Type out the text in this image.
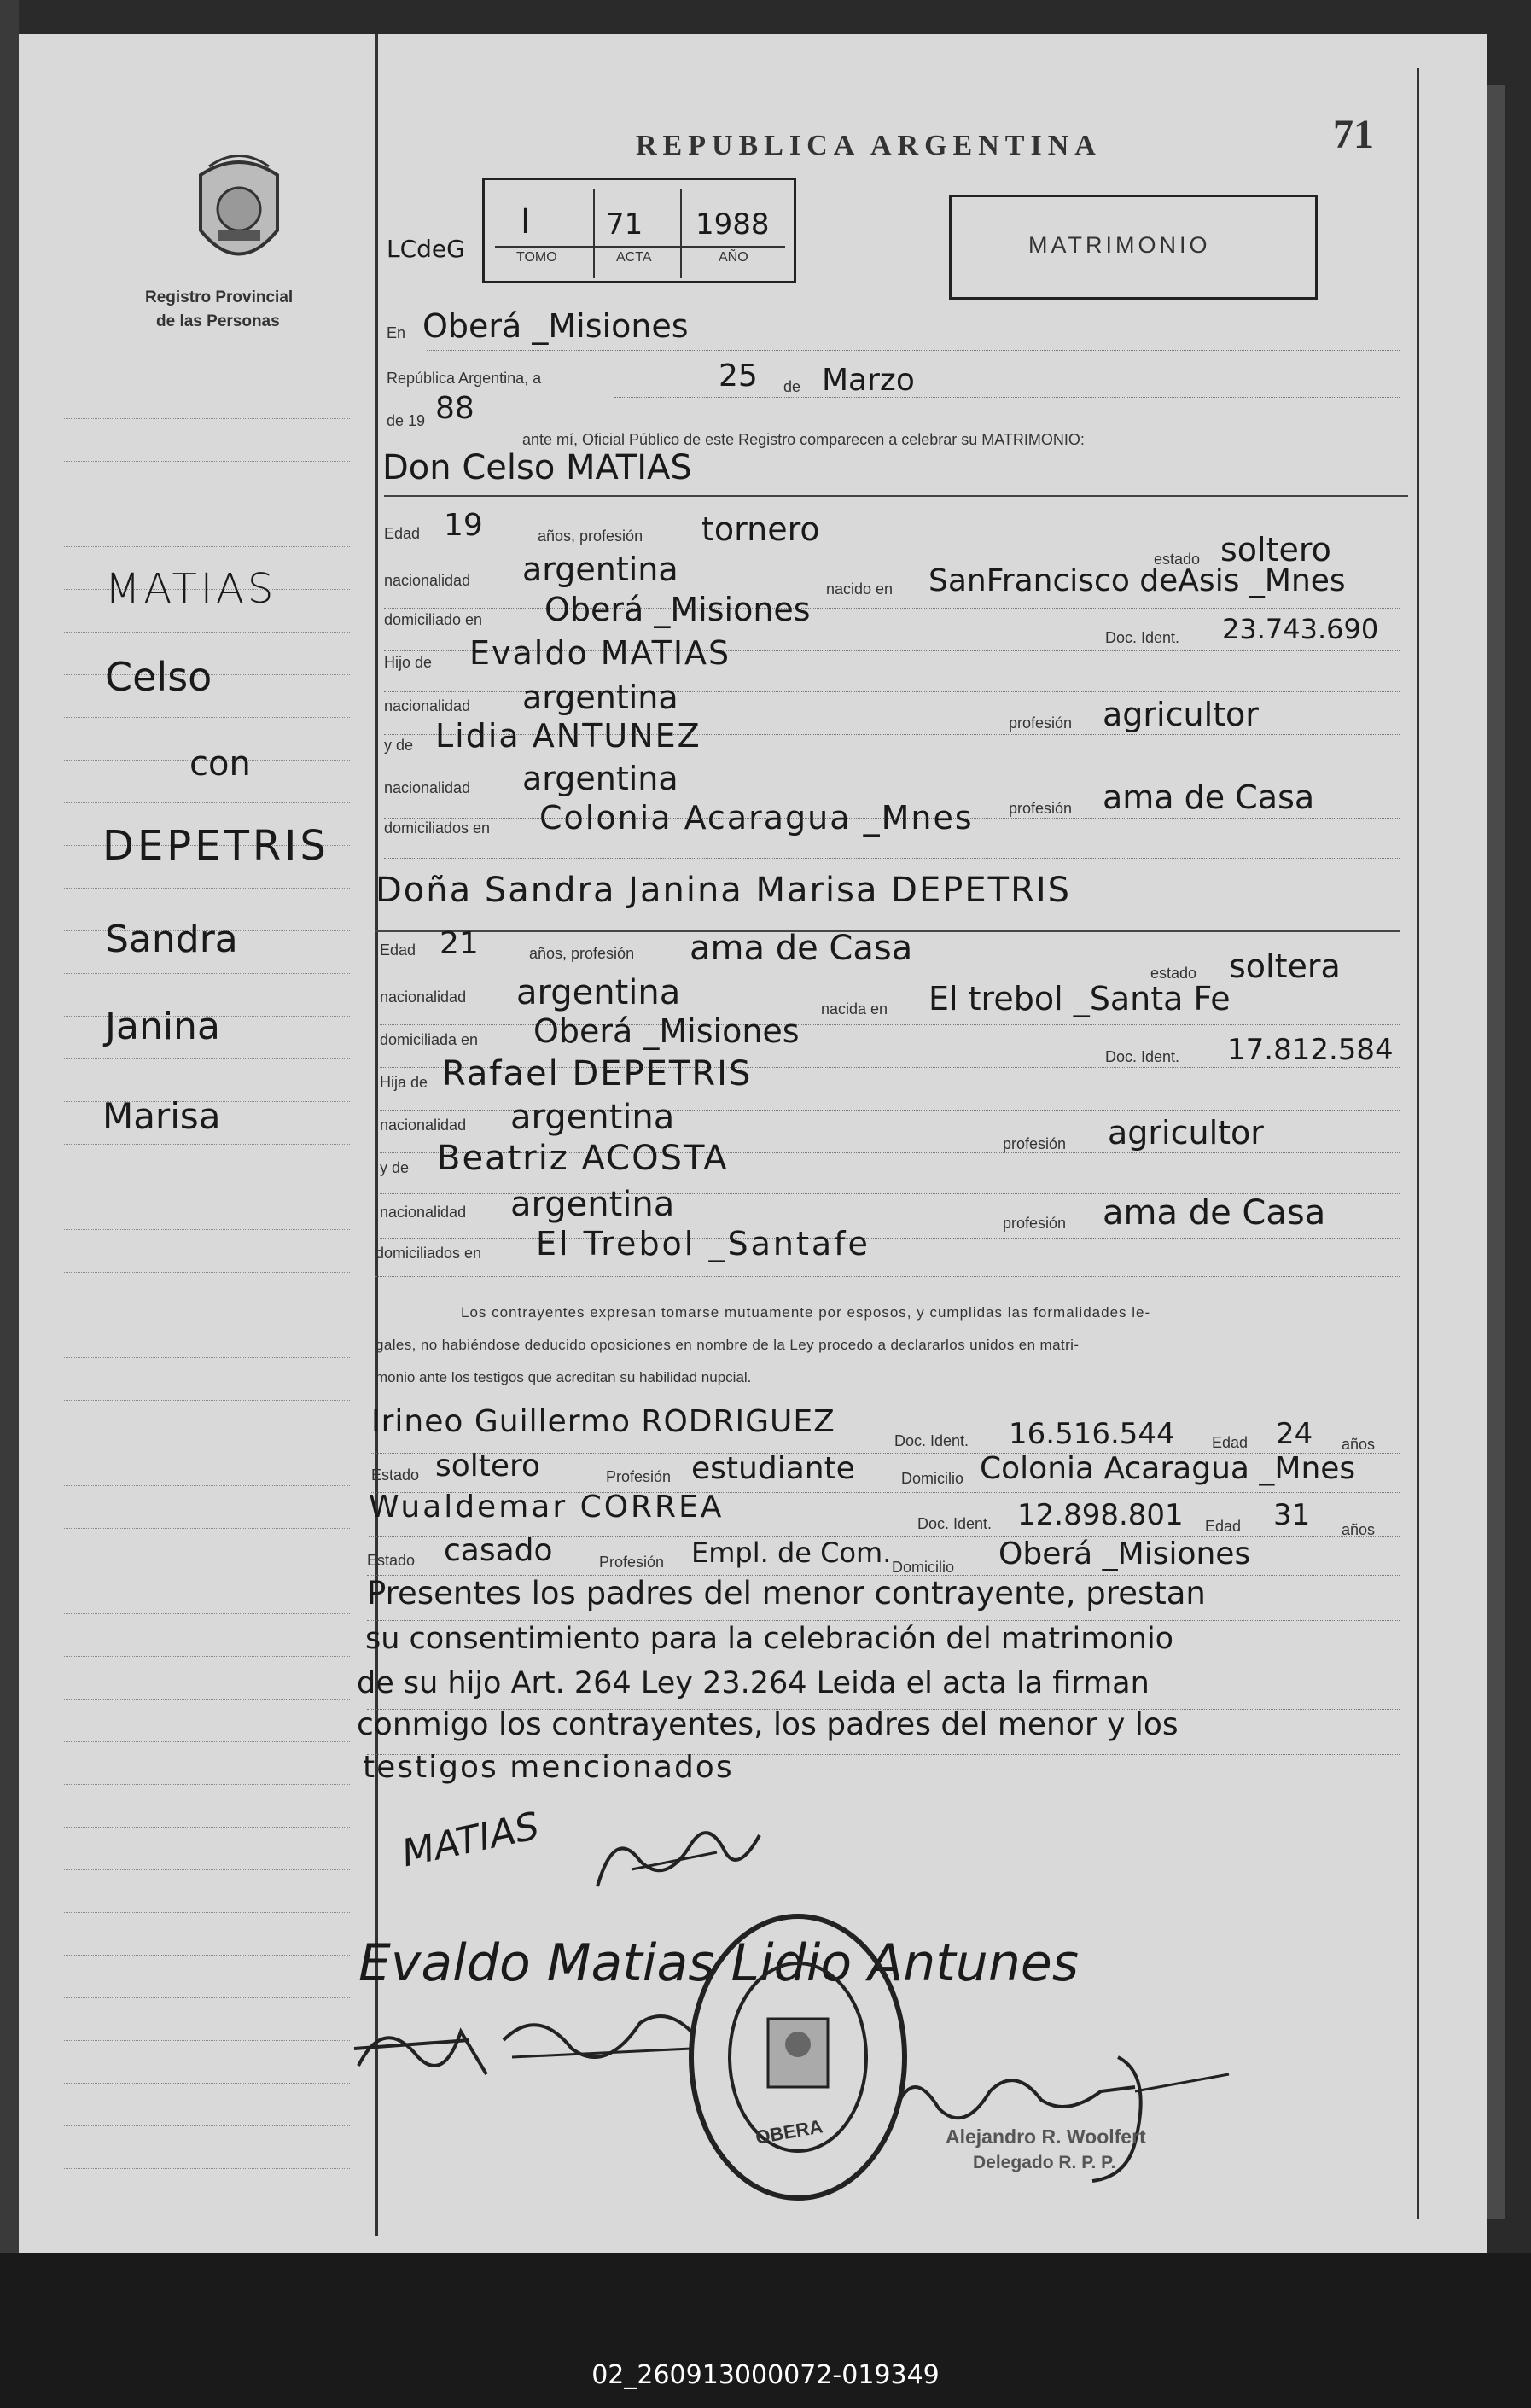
02_260913000072-019349
Registro Provincial
de las Personas
REPUBLICA ARGENTINA	71
LCdeG
I	71 1988
TOMO	ACTA	AÑO	MATRIMONIO
MATIAS
Celso
con
DEPETRIS
Sandra
Janina
Marisa
En Oberá _Misiones
República Argentina, a	25 de Marzo
de 19 88
ante mí, Oficial Público de este Registro comparecen a celebrar su MATRIMONIO:
Don Celso MATIAS
Edad 19	años, profesión tornero
estado soltero
nacionalidad argentina
nacido en SanFrancisco deAsis _Mnes
domiciliado en Oberá _Misiones
Doc. Ident. 23.743.690
Hijo de Evaldo MATIAS
nacionalidad argentina
profesión agricultor
y de Lidia ANTUNEZ
nacionalidad argentina
profesión ama de Casa
domiciliados en Colonia Acaragua _Mnes
Doña Sandra Janina Marisa DEPETRIS
Edad 21	años, profesión ama de Casa
estado soltera
nacionalidad argentina	nacida en El trebol _Santa Fe
domiciliada en Oberá _Misiones
Doc. Ident. 17.812.584
Hija de Rafael DEPETRIS
nacionalidad argentina
profesión agricultor
y de Beatriz ACOSTA
nacionalidad argentina	profesión ama de Casa
domiciliados en El Trebol _Santafe
Los contrayentes expresan tomarse mutuamente por esposos, y cumplidas las formalidades le-
gales, no habiéndose deducido oposiciones en nombre de la Ley procedo a declararlos unidos en matri-
monio ante los testigos que acreditan su habilidad nupcial.
Irineo Guillermo RODRIGUEZ
Doc. Ident. 16.516.544 Edad 24 años
Estado soltero	Profesión estudiante	Domicilio Colonia Acaragua _Mnes
Wualdemar CORREA	Doc. Ident. 12.898.801 Edad 31 años
Estado casado	Profesión Empl. de Com. Domicilio Oberá _Misiones
Presentes los padres del menor contrayente, prestan
su consentimiento para la celebración del matrimonio
de su hijo Art. 264 Ley 23.264 Leida el acta la firman
conmigo los contrayentes, los padres del menor y los
testigos mencionados
MATIAS
Evaldo Matias Lidio Antunes
OBERA	Alejandro R. Woolfert
Delegado R. P. P.
